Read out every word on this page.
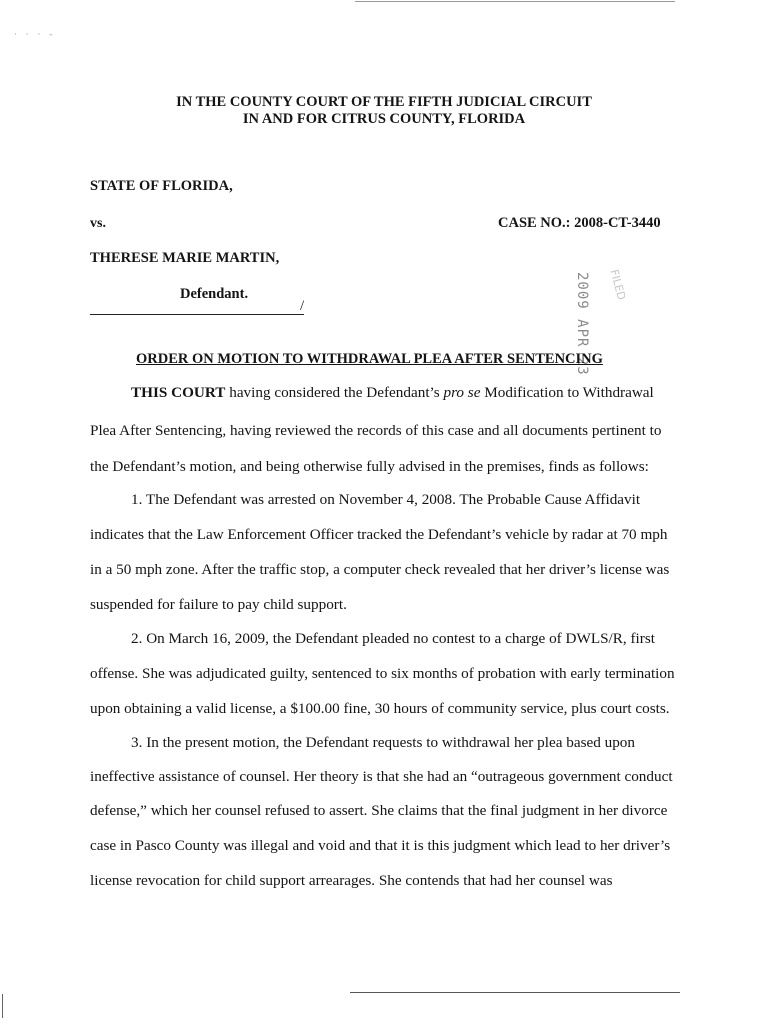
· · · -
IN THE COUNTY COURT OF THE FIFTH JUDICIAL CIRCUIT
IN AND FOR CITRUS COUNTY, FLORIDA
STATE OF FLORIDA,
vs.	CASE NO.: 2008-CT-3440
THERESE MARIE MARTIN,
Defendant.
/	2009 APR 23 FILED
ORDER ON MOTION TO WITHDRAWAL PLEA AFTER SENTENCING
THIS COURT having considered the Defendant’s pro se Modification to Withdrawal
Plea After Sentencing, having reviewed the records of this case and all documents pertinent to
the Defendant’s motion, and being otherwise fully advised in the premises, finds as follows:
1. The Defendant was arrested on November 4, 2008. The Probable Cause Affidavit
indicates that the Law Enforcement Officer tracked the Defendant’s vehicle by radar at 70 mph
in a 50 mph zone. After the traffic stop, a computer check revealed that her driver’s license was
suspended for failure to pay child support.
2. On March 16, 2009, the Defendant pleaded no contest to a charge of DWLS/R, first
offense. She was adjudicated guilty, sentenced to six months of probation with early termination
upon obtaining a valid license, a $100.00 fine, 30 hours of community service, plus court costs.
3. In the present motion, the Defendant requests to withdrawal her plea based upon
ineffective assistance of counsel. Her theory is that she had an “outrageous government conduct
defense,” which her counsel refused to assert. She claims that the final judgment in her divorce
case in Pasco County was illegal and void and that it is this judgment which lead to her driver’s
license revocation for child support arrearages. She contends that had her counsel was
